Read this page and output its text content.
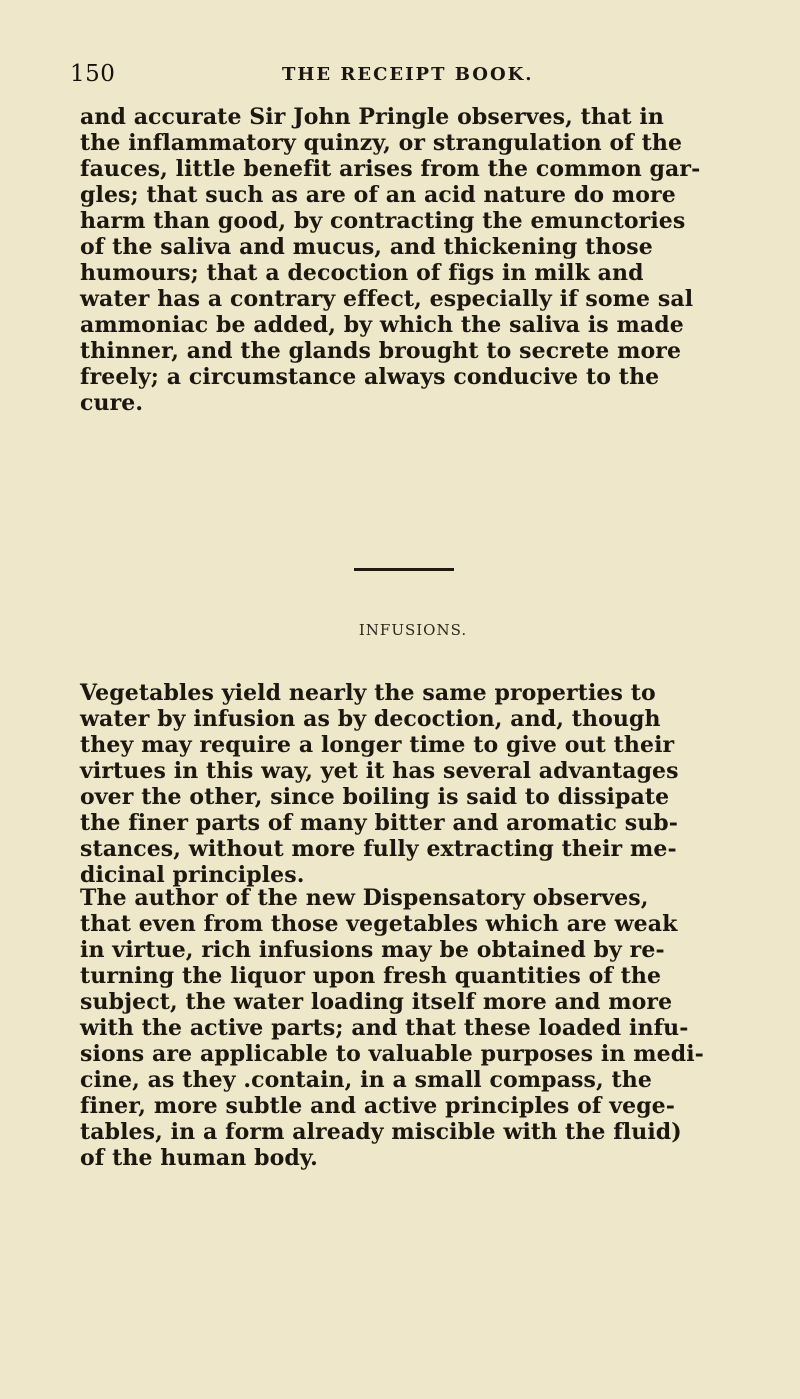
150	THE RECEIPT BOOK.

and accurate Sir John Pringle observes, that in
the inflammatory quinzy, or strangulation of the
fauces, little benefit arises from the common gar-
gles; that such as are of an acid nature do more
harm than good, by contracting the emunctories
of the saliva and mucus, and thickening those
humours; that a decoction of figs in milk and
water has a contrary effect, especially if some sal
ammoniac be added, by which the saliva is made
thinner, and the glands brought to secrete more
freely; a circumstance always conducive to the
cure.

INFUSIONS.

Vegetables yield nearly the same properties to
water by infusion as by decoction, and, though
they may require a longer time to give out their
virtues in this way, yet it has several advantages
over the other, since boiling is said to dissipate
the finer parts of many bitter and aromatic sub-
stances, without more fully extracting their me-
dicinal principles.

The author of the new Dispensatory observes,
that even from those vegetables which are weak
in virtue, rich infusions may be obtained by re-
turning the liquor upon fresh quantities of the
subject, the water loading itself more and more
with the active parts; and that these loaded infu-
sions are applicable to valuable purposes in medi-
cine, as they .contain, in a small compass, the
finer, more subtle and active principles of vege-
tables, in a form already miscible with the fluid)
of the human body.
